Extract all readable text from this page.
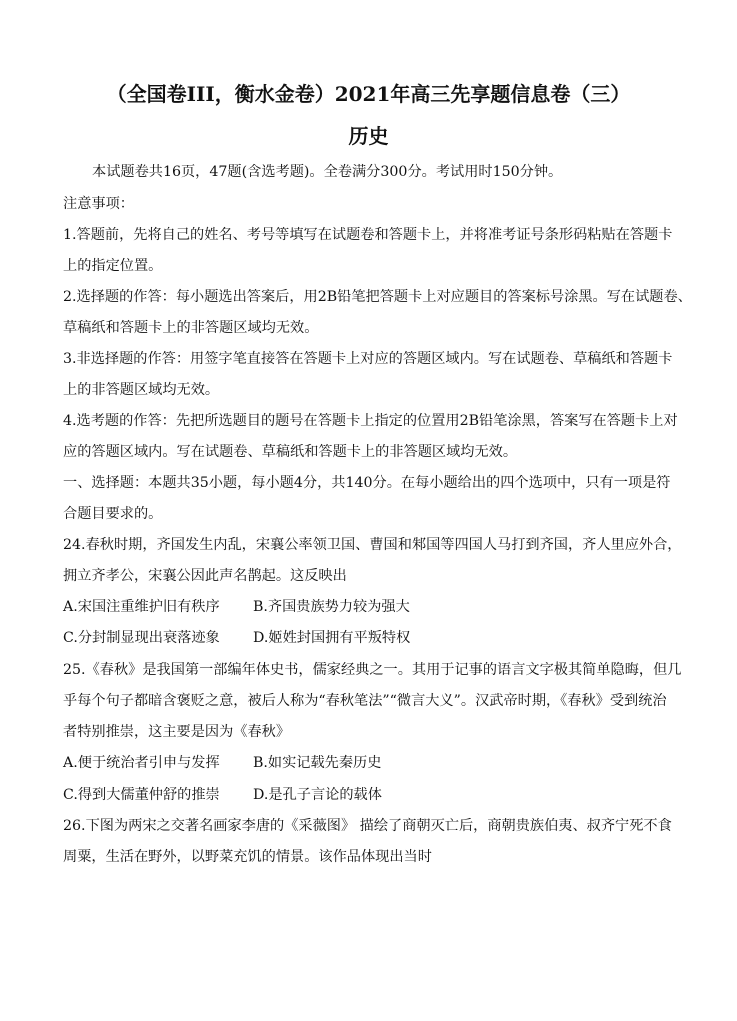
（全国卷III，衡水金卷）2021年高三先享题信息卷（三）
历史
本试题卷共16页，47题(含选考题)。全卷满分300分。考试用时150分钟。
注意事项：
1.答题前，先将自己的姓名、考号等填写在试题卷和答题卡上，并将准考证号条形码粘贴在答题卡
上的指定位置。
2.选择题的作答：每小题选出答案后，用2B铅笔把答题卡上对应题目的答案标号涂黑。写在试题卷、
草稿纸和答题卡上的非答题区域均无效。
3.非选择题的作答：用签字笔直接答在答题卡上对应的答题区域内。写在试题卷、草稿纸和答题卡
上的非答题区域均无效。
4.选考题的作答：先把所选题目的题号在答题卡上指定的位置用2B铅笔涂黑，答案写在答题卡上对
应的答题区域内。写在试题卷、草稿纸和答题卡上的非答题区域均无效。
一、选择题：本题共35小题，每小题4分，共140分。在每小题给出的四个选项中，只有一项是符
合题目要求的。
24.春秋时期，齐国发生内乱，宋襄公率领卫国、曹国和邾国等四国人马打到齐国，齐人里应外合，
拥立齐孝公，宋襄公因此声名鹊起。这反映出
A.宋国注重维护旧有秩序 B.齐国贵族势力较为强大
C.分封制显现出衰落迹象 D.姬姓封国拥有平叛特权
25.《春秋》是我国第一部编年体史书，儒家经典之一。其用于记事的语言文字极其简单隐晦，但几
乎每个句子都暗含褒贬之意，被后人称为“春秋笔法”“微言大义”。汉武帝时期，《春秋》受到统治
者特别推崇，这主要是因为《春秋》
A.便于统治者引申与发挥 B.如实记载先秦历史
C.得到大儒董仲舒的推崇 D.是孔子言论的载体
26.下图为两宋之交著名画家李唐的《采薇图》 描绘了商朝灭亡后，商朝贵族伯夷、叔齐宁死不食
周粟，生活在野外，以野菜充饥的情景。该作品体现出当时
